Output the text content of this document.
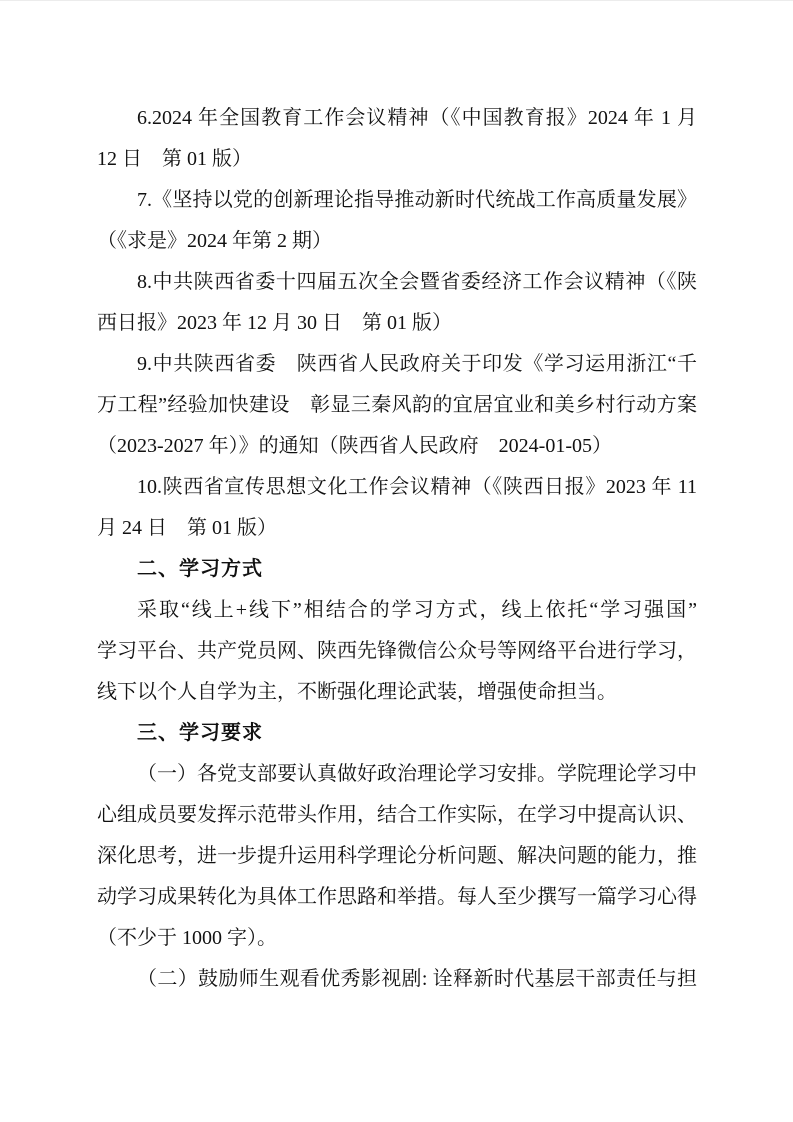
6.2024 年全国教育工作会议精神（《中国教育报》2024 年 1 月

12 日　第 01 版）

7.《坚持以党的创新理论指导推动新时代统战工作高质量发展》

（《求是》2024 年第 2 期）

8.中共陕西省委十四届五次全会暨省委经济工作会议精神（《陕

西日报》2023 年 12 月 30 日　第 01 版）

9.中共陕西省委　陕西省人民政府关于印发《学习运用浙江“千

万工程”经验加快建设　彰显三秦风韵的宜居宜业和美乡村行动方案

（2023-2027 年）》的通知（陕西省人民政府　2024-01-05）

10.陕西省宣传思想文化工作会议精神（《陕西日报》2023 年 11

月 24 日　第 01 版）

二、学习方式

采取“线上+线下”相结合的学习方式，线上依托“学习强国”

学习平台、共产党员网、陕西先锋微信公众号等网络平台进行学习，

线下以个人自学为主，不断强化理论武装，增强使命担当。

三、学习要求

（一）各党支部要认真做好政治理论学习安排。学院理论学习中

心组成员要发挥示范带头作用，结合工作实际，在学习中提高认识、

深化思考，进一步提升运用科学理论分析问题、解决问题的能力，推

动学习成果转化为具体工作思路和举措。每人至少撰写一篇学习心得

（不少于 1000 字）。

（二）鼓励师生观看优秀影视剧: 诠释新时代基层干部责任与担
